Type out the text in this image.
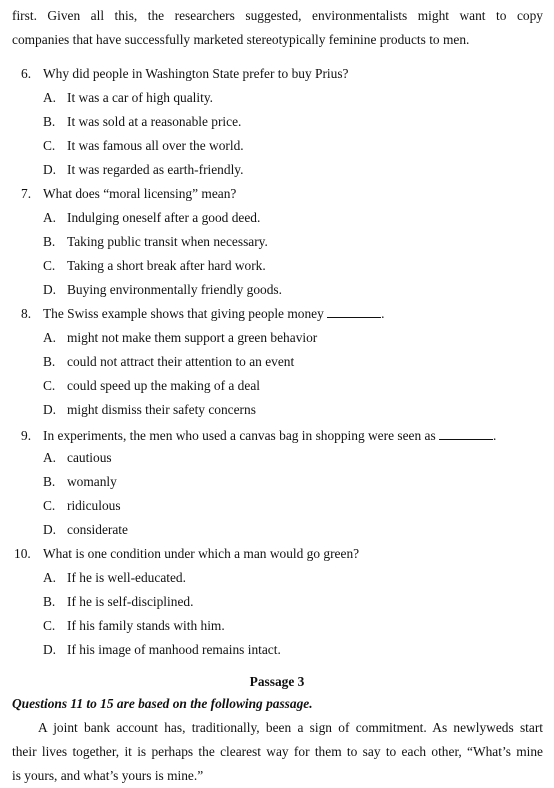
first. Given all this, the researchers suggested, environmentalists might want to copy
companies that have successfully marketed stereotypically feminine products to men.
6. Why did people in Washington State prefer to buy Prius?
A. It was a car of high quality.
B. It was sold at a reasonable price.
C. It was famous all over the world.
D. It was regarded as earth-friendly.
7. What does “moral licensing” mean?
A. Indulging oneself after a good deed.
B. Taking public transit when necessary.
C. Taking a short break after hard work.
D. Buying environmentally friendly goods.
8. The Swiss example shows that giving people money	.
A. might not make them support a green behavior
B. could not attract their attention to an event
C. could speed up the making of a deal
D. might dismiss their safety concerns
9. In experiments, the men who used a canvas bag in shopping were seen as	.
A. cautious
B. womanly
C. ridiculous
D. considerate
10. What is one condition under which a man would go green?
A. If he is well-educated.
B. If he is self-disciplined.
C. If his family stands with him.
D. If his image of manhood remains intact.
Passage 3
Questions 11 to 15 are based on the following passage.
A joint bank account has, traditionally, been a sign of commitment. As newlyweds start
their lives together, it is perhaps the clearest way for them to say to each other, “What’s mine
is yours, and what’s yours is mine.”
